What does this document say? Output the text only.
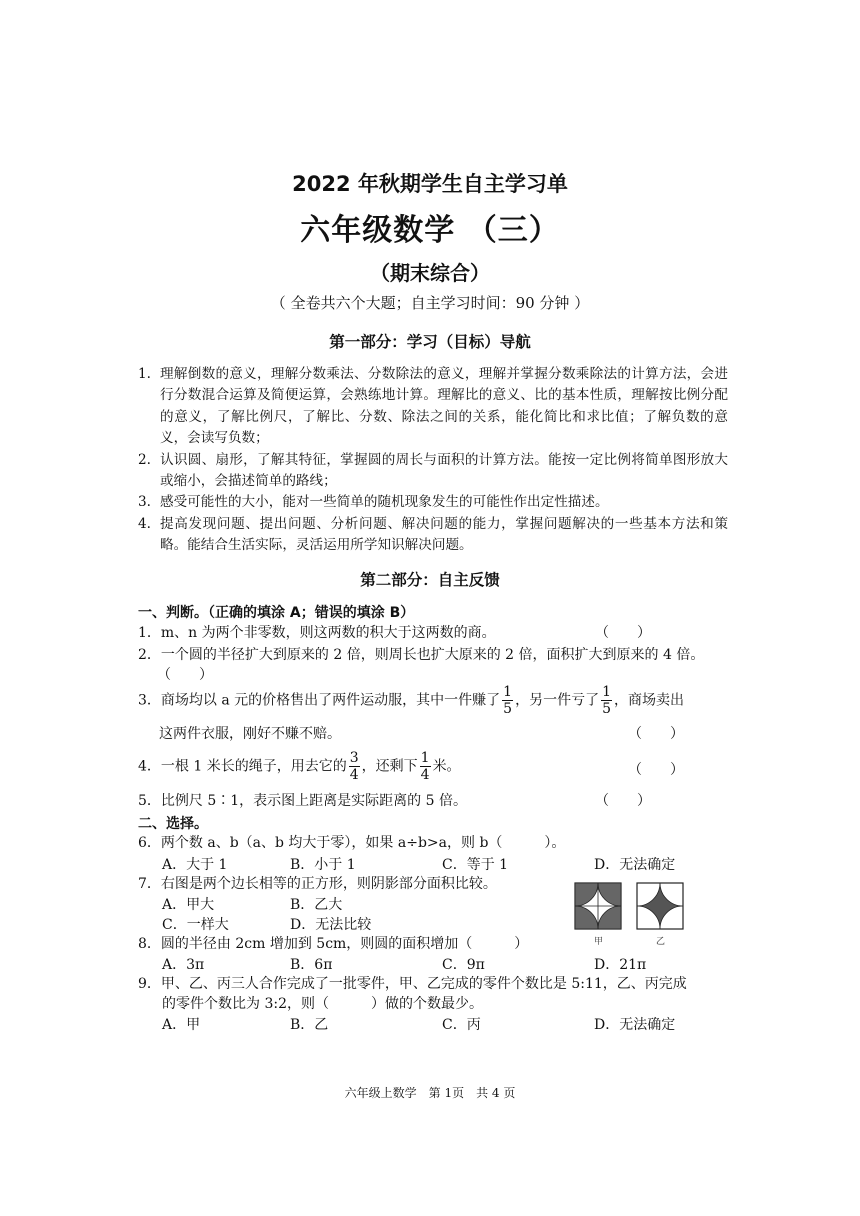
2022 年秋期学生自主学习单
六年级数学 （三）
（期末综合）
（ 全卷共六个大题；自主学习时间：90 分钟 ）
第一部分：学习（目标）导航
1. 理解倒数的意义，理解分数乘法、分数除法的意义，理解并掌握分数乘除法的计算方法，会进行分数混合运算及简便运算，会熟练地计算。理解比的意义、比的基本性质，理解按比例分配的意义，了解比例尺，了解比、分数、除法之间的关系，能化简比和求比值；了解负数的意义，会读写负数；
2. 认识圆、扇形，了解其特征，掌握圆的周长与面积的计算方法。能按一定比例将简单图形放大或缩小，会描述简单的路线；
3. 感受可能性的大小，能对一些简单的随机现象发生的可能性作出定性描述。
4. 提高发现问题、提出问题、分析问题、解决问题的能力，掌握问题解决的一些基本方法和策略。能结合生活实际，灵活运用所学知识解决问题。
第二部分：自主反馈
一、判断。（正确的填涂 A；错误的填涂 B）
1．m、n 为两个非零数，则这两数的积大于这两数的商。	（　　）
2．一个圆的半径扩大到原来的 2 倍，则周长也扩大原来的 2 倍，面积扩大到原来的 4 倍。
（　　）
3．商场均以 a 元的价格售出了两件运动服，其中一件赚了 $\frac{1}{5}$ ，另一件亏了 $\frac{1}{5}$ ，商场卖出
这两件衣服，刚好不赚不赔。	（　　）
4．一根 1 米长的绳子，用去它的 $\frac{3}{4}$ ，还剩下 $\frac{1}{4}$ 米。	（　　）
5．比例尺 5∶1，表示图上距离是实际距离的 5 倍。	（　　）
二、选择。
6．两个数 a、b（a、b 均大于零），如果 a÷b>a，则 b（　　　）。
A．大于 1	B．小于 1	C．等于 1	D．无法确定
7．右图是两个边长相等的正方形，则阴影部分面积比较。
A．甲大	B．乙大
C．一样大	D．无法比较
甲	乙
8．圆的半径由 2cm 增加到 5cm，则圆的面积增加（　　　）
A．3π	B．6π	C．9π	D．21π
9．甲、乙、丙三人合作完成了一批零件，甲、乙完成的零件个数比是 5:11，乙、丙完成
的零件个数比为 3:2，则（　　　）做的个数最少。
A．甲	B．乙	C．丙	D．无法确定
六年级上数学　第 1页　共 4 页
